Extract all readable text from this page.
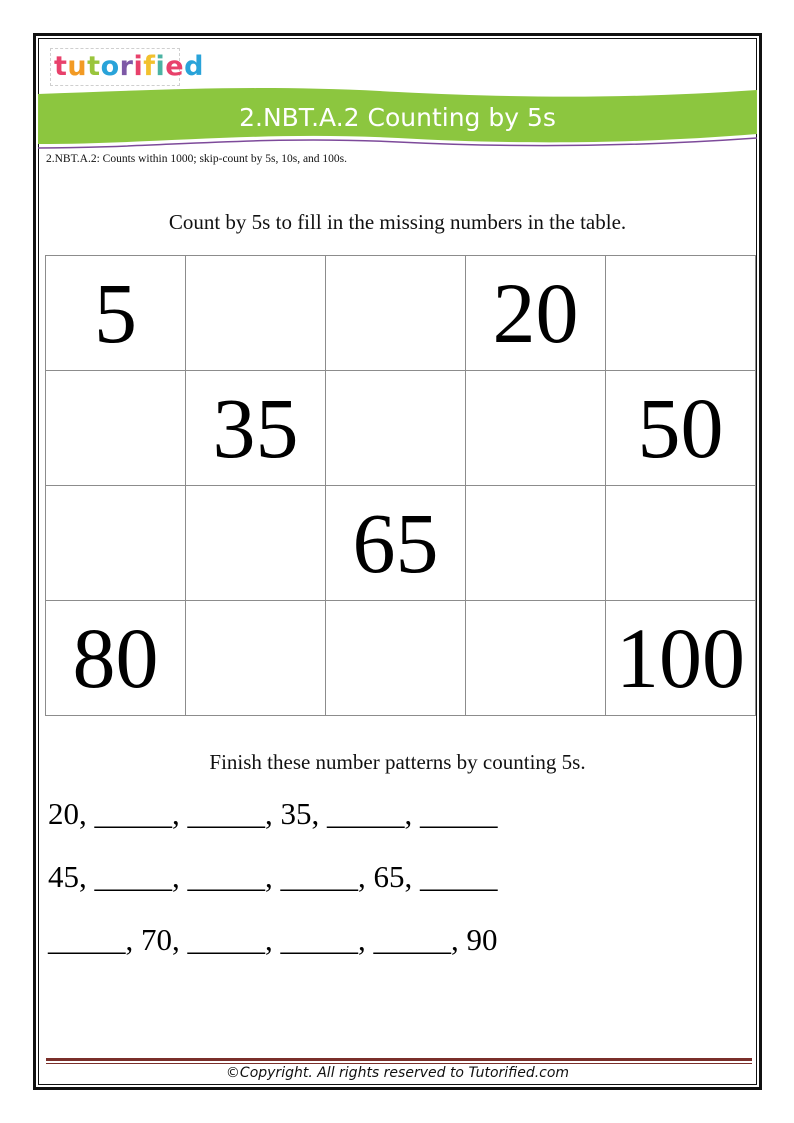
tutorified
2.NBT.A.2 Counting by 5s
2.NBT.A.2: Counts within 1000; skip-count by 5s, 10s, and 100s.
Count by 5s to fill in the missing numbers in the table.
5			20	
	35			50
		65		
80				100
Finish these number patterns by counting 5s.
20, _____, _____, 35, _____, _____
45, _____, _____, _____, 65, _____
_____, 70, _____, _____, _____, 90
©Copyright. All rights reserved to Tutorified.com
